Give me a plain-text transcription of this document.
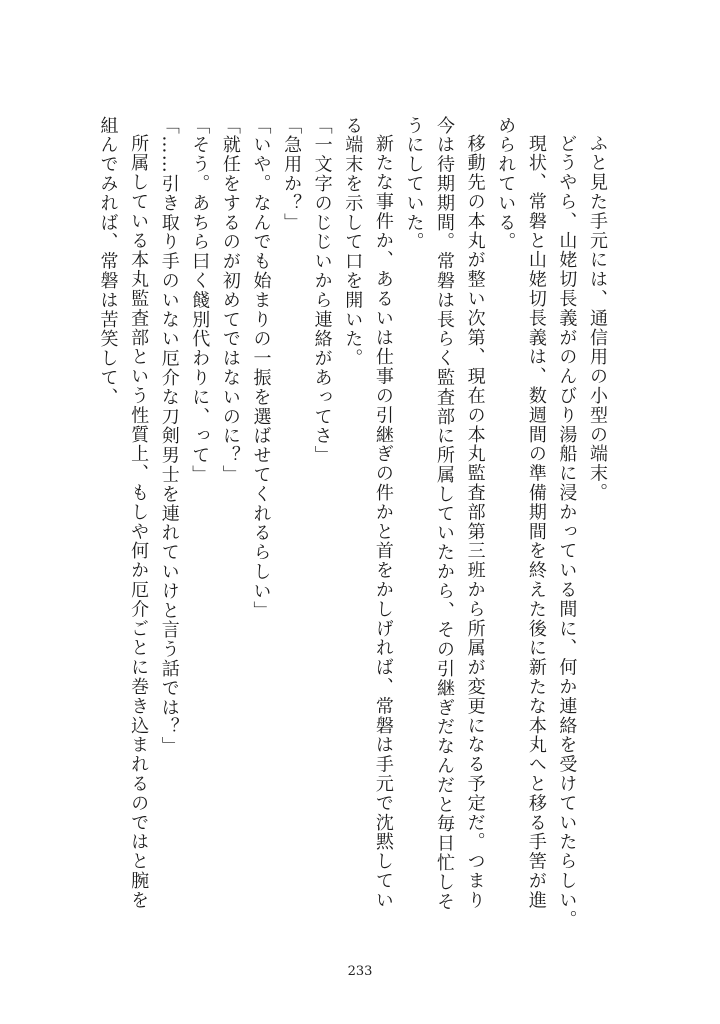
ふと見た手元には、通信用の小型の端末。

どうやら、山姥切長義がのんびり湯船に浸かっている間に、何か連絡を受けていたらしい。

現状、常磐と山姥切長義は、数週間の準備期間を終えた後に新たな本丸へと移る手筈が進

められている。

移動先の本丸が整い次第、現在の本丸監査部第三班から所属が変更になる予定だ。つまり

今は待期期間。常磐は長らく監査部に所属していたから、その引継ぎだなんだと毎日忙しそ

うにしていた。

新たな事件か、あるいは仕事の引継ぎの件かと首をかしげれば、常磐は手元で沈黙してい

る端末を示して口を開いた。

「一文字のじじいから連絡があってさ」

「急用か？」

「いや。なんでも始まりの一振を選ばせてくれるらしい」

「就任をするのが初めてではないのに？」

「そう。あちら曰く餞別代わりに、って」

「……引き取り手のいない厄介な刀剣男士を連れていけと言う話では？」

所属している本丸監査部という性質上、もしや何か厄介ごとに巻き込まれるのではと腕を

組んでみれば、常磐は苦笑して、

233
